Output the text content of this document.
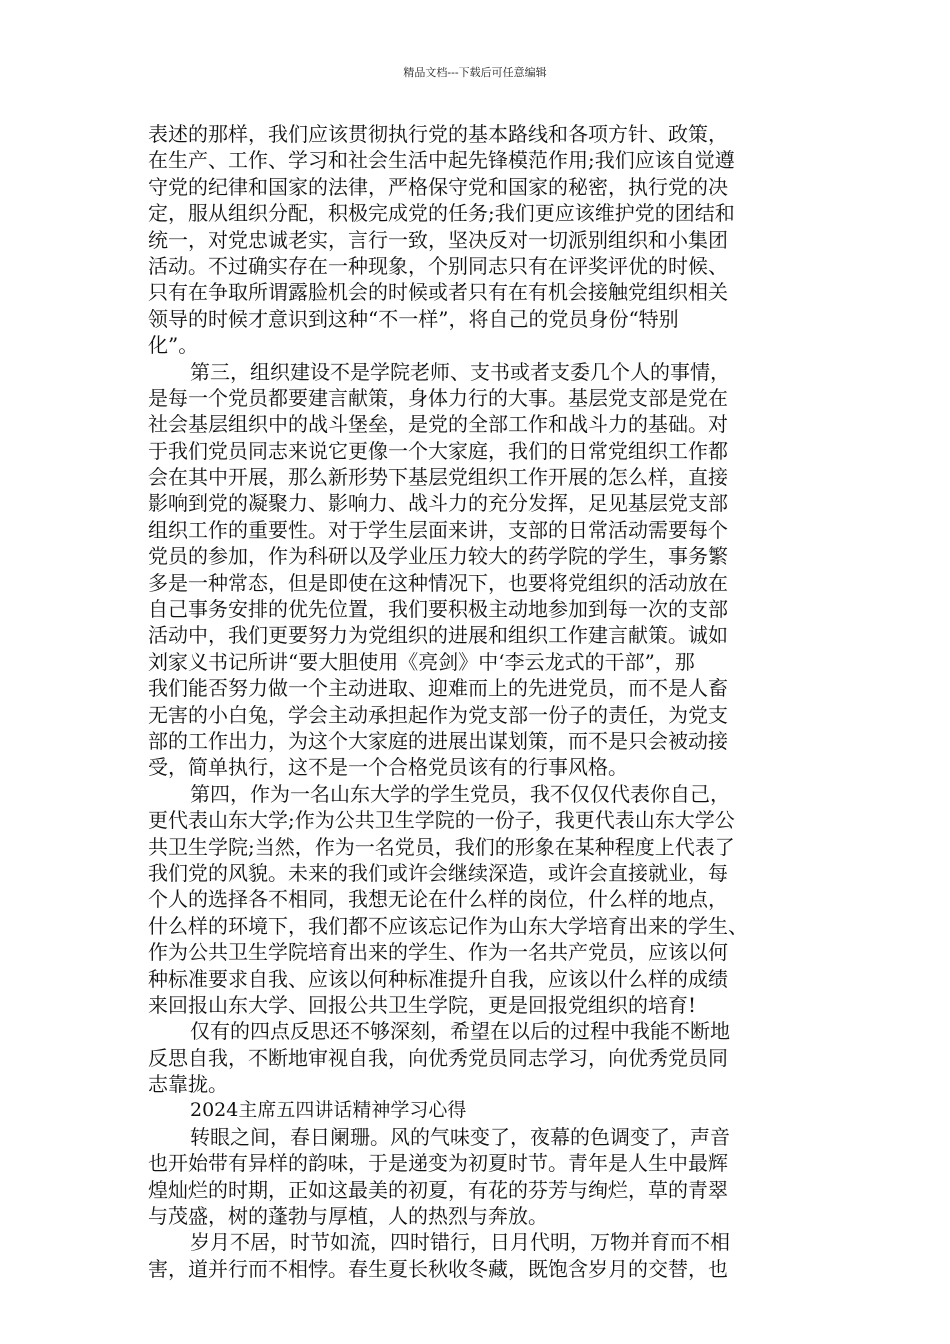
精品文档---下载后可任意编辑
表述的那样，我们应该贯彻执行党的基本路线和各项方针、政策，
在生产、工作、学习和社会生活中起先锋模范作用;我们应该自觉遵
守党的纪律和国家的法律，严格保守党和国家的秘密，执行党的决
定，服从组织分配，积极完成党的任务;我们更应该维护党的团结和
统一，对党忠诚老实，言行一致，坚决反对一切派别组织和小集团
活动。不过确实存在一种现象，个别同志只有在评奖评优的时候、
只有在争取所谓露脸机会的时候或者只有在有机会接触党组织相关
领导的时候才意识到这种“不一样”，将自己的党员身份“特别
化”。
第三，组织建设不是学院老师、支书或者支委几个人的事情，
是每一个党员都要建言献策，身体力行的大事。基层党支部是党在
社会基层组织中的战斗堡垒，是党的全部工作和战斗力的基础。对
于我们党员同志来说它更像一个大家庭，我们的日常党组织工作都
会在其中开展，那么新形势下基层党组织工作开展的怎么样，直接
影响到党的凝聚力、影响力、战斗力的充分发挥，足见基层党支部
组织工作的重要性。对于学生层面来讲，支部的日常活动需要每个
党员的参加，作为科研以及学业压力较大的药学院的学生，事务繁
多是一种常态，但是即使在这种情况下，也要将党组织的活动放在
自己事务安排的优先位置，我们要积极主动地参加到每一次的支部
活动中，我们更要努力为党组织的进展和组织工作建言献策。诚如
刘家义书记所讲“要大胆使用《亮剑》中‘李云龙式的干部”，那
我们能否努力做一个主动进取、迎难而上的先进党员，而不是人畜
无害的小白兔，学会主动承担起作为党支部一份子的责任，为党支
部的工作出力，为这个大家庭的进展出谋划策，而不是只会被动接
受，简单执行，这不是一个合格党员该有的行事风格。
第四，作为一名山东大学的学生党员，我不仅仅代表你自己，
更代表山东大学;作为公共卫生学院的一份子，我更代表山东大学公
共卫生学院;当然，作为一名党员，我们的形象在某种程度上代表了
我们党的风貌。未来的我们或许会继续深造，或许会直接就业，每
个人的选择各不相同，我想无论在什么样的岗位，什么样的地点，
什么样的环境下，我们都不应该忘记作为山东大学培育出来的学生、
作为公共卫生学院培育出来的学生、作为一名共产党员，应该以何
种标准要求自我、应该以何种标准提升自我，应该以什么样的成绩
来回报山东大学、回报公共卫生学院，更是回报党组织的培育!
仅有的四点反思还不够深刻，希望在以后的过程中我能不断地
反思自我，不断地审视自我，向优秀党员同志学习，向优秀党员同
志靠拢。
2024主席五四讲话精神学习心得
转眼之间，春日阑珊。风的气味变了，夜幕的色调变了，声音
也开始带有异样的韵味，于是递变为初夏时节。青年是人生中最辉
煌灿烂的时期，正如这最美的初夏，有花的芬芳与绚烂，草的青翠
与茂盛，树的蓬勃与厚植，人的热烈与奔放。
岁月不居，时节如流，四时错行，日月代明，万物并育而不相
害，道并行而不相悖。春生夏长秋收冬藏，既饱含岁月的交替，也
